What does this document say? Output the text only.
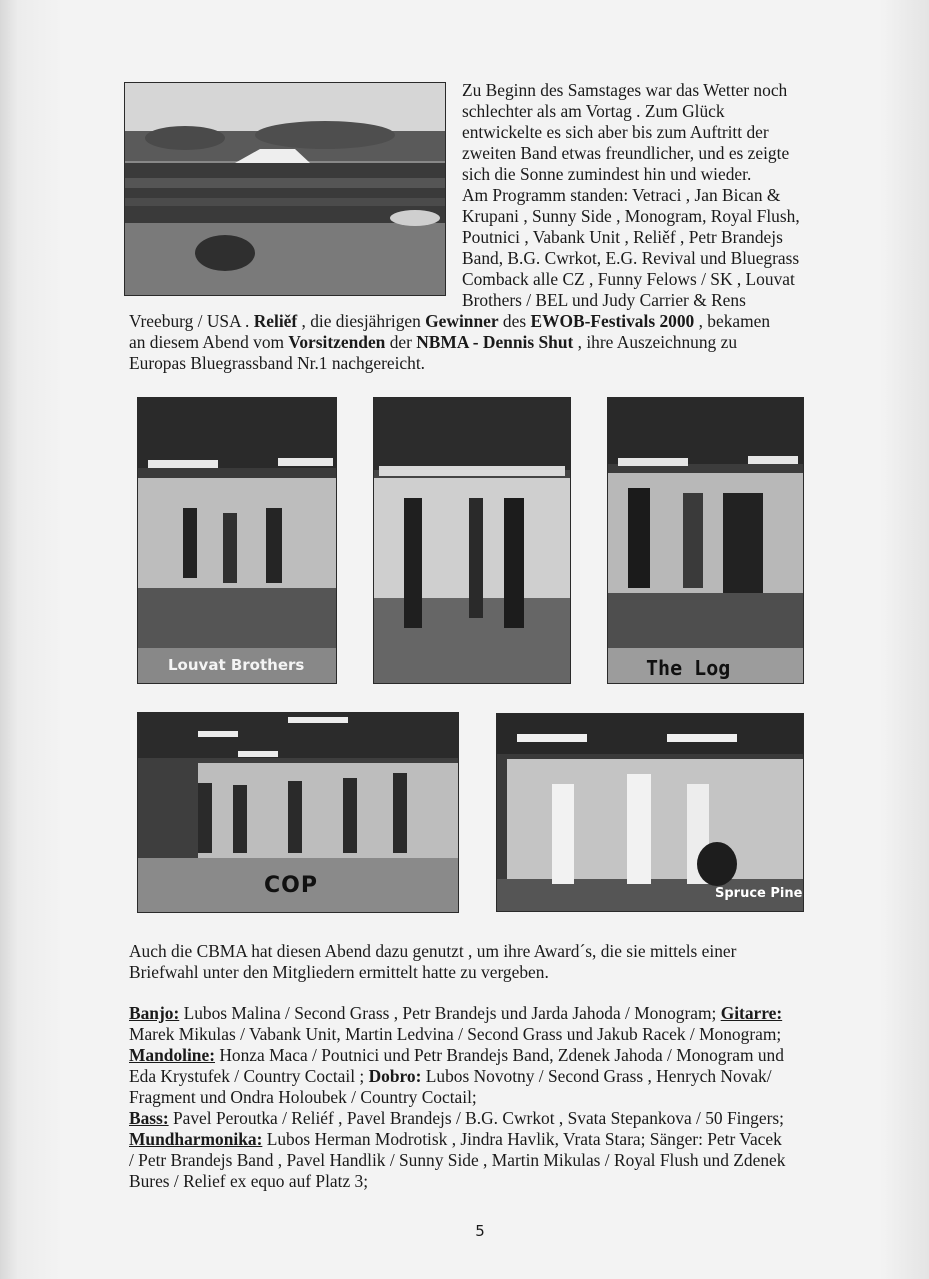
Zu Beginn des Samstages war das Wetter noch
schlechter als am Vortag . Zum Glück
entwickelte es sich aber bis zum Auftritt der
zweiten Band etwas freundlicher, und es zeigte
sich die Sonne zumindest hin und wieder.
Am Programm standen: Vetraci , Jan Bican &
Krupani , Sunny Side , Monogram, Royal Flush,
Poutnici , Vabank Unit , Reliěf , Petr Brandejs
Band, B.G. Cwrkot, E.G. Revival und Bluegrass
Comback alle CZ , Funny Felows / SK , Louvat
Brothers / BEL und Judy Carrier & Rens
Vreeburg / USA . Reliěf , die diesjährigen Gewinner des EWOB-Festivals 2000 , bekamen
an diesem Abend vom Vorsitzenden der NBMA - Dennis Shut , ihre Auszeichnung zu
Europas Bluegrassband Nr.1 nachgereicht.
Louvat Brothers	The Log
COP	Spruce Pine
Auch die CBMA hat diesen Abend dazu genutzt , um ihre Award´s, die sie mittels einer
Briefwahl unter den Mitgliedern ermittelt hatte zu vergeben.
Banjo: Lubos Malina / Second Grass , Petr Brandejs und Jarda Jahoda / Monogram; Gitarre:
Marek Mikulas / Vabank Unit, Martin Ledvina / Second Grass und Jakub Racek / Monogram;
Mandoline: Honza Maca / Poutnici und Petr Brandejs Band, Zdenek Jahoda / Monogram und
Eda Krystufek / Country Coctail ; Dobro: Lubos Novotny / Second Grass , Henrych Novak/
Fragment und Ondra Holoubek / Country Coctail;
Bass: Pavel Peroutka / Reliéf , Pavel Brandejs / B.G. Cwrkot , Svata Stepankova / 50 Fingers;
Mundharmonika: Lubos Herman Modrotisk , Jindra Havlik, Vrata Stara; Sänger: Petr Vacek
/ Petr Brandejs Band , Pavel Handlik / Sunny Side , Martin Mikulas / Royal Flush und Zdenek
Bures / Relief ex equo auf Platz 3;
5
